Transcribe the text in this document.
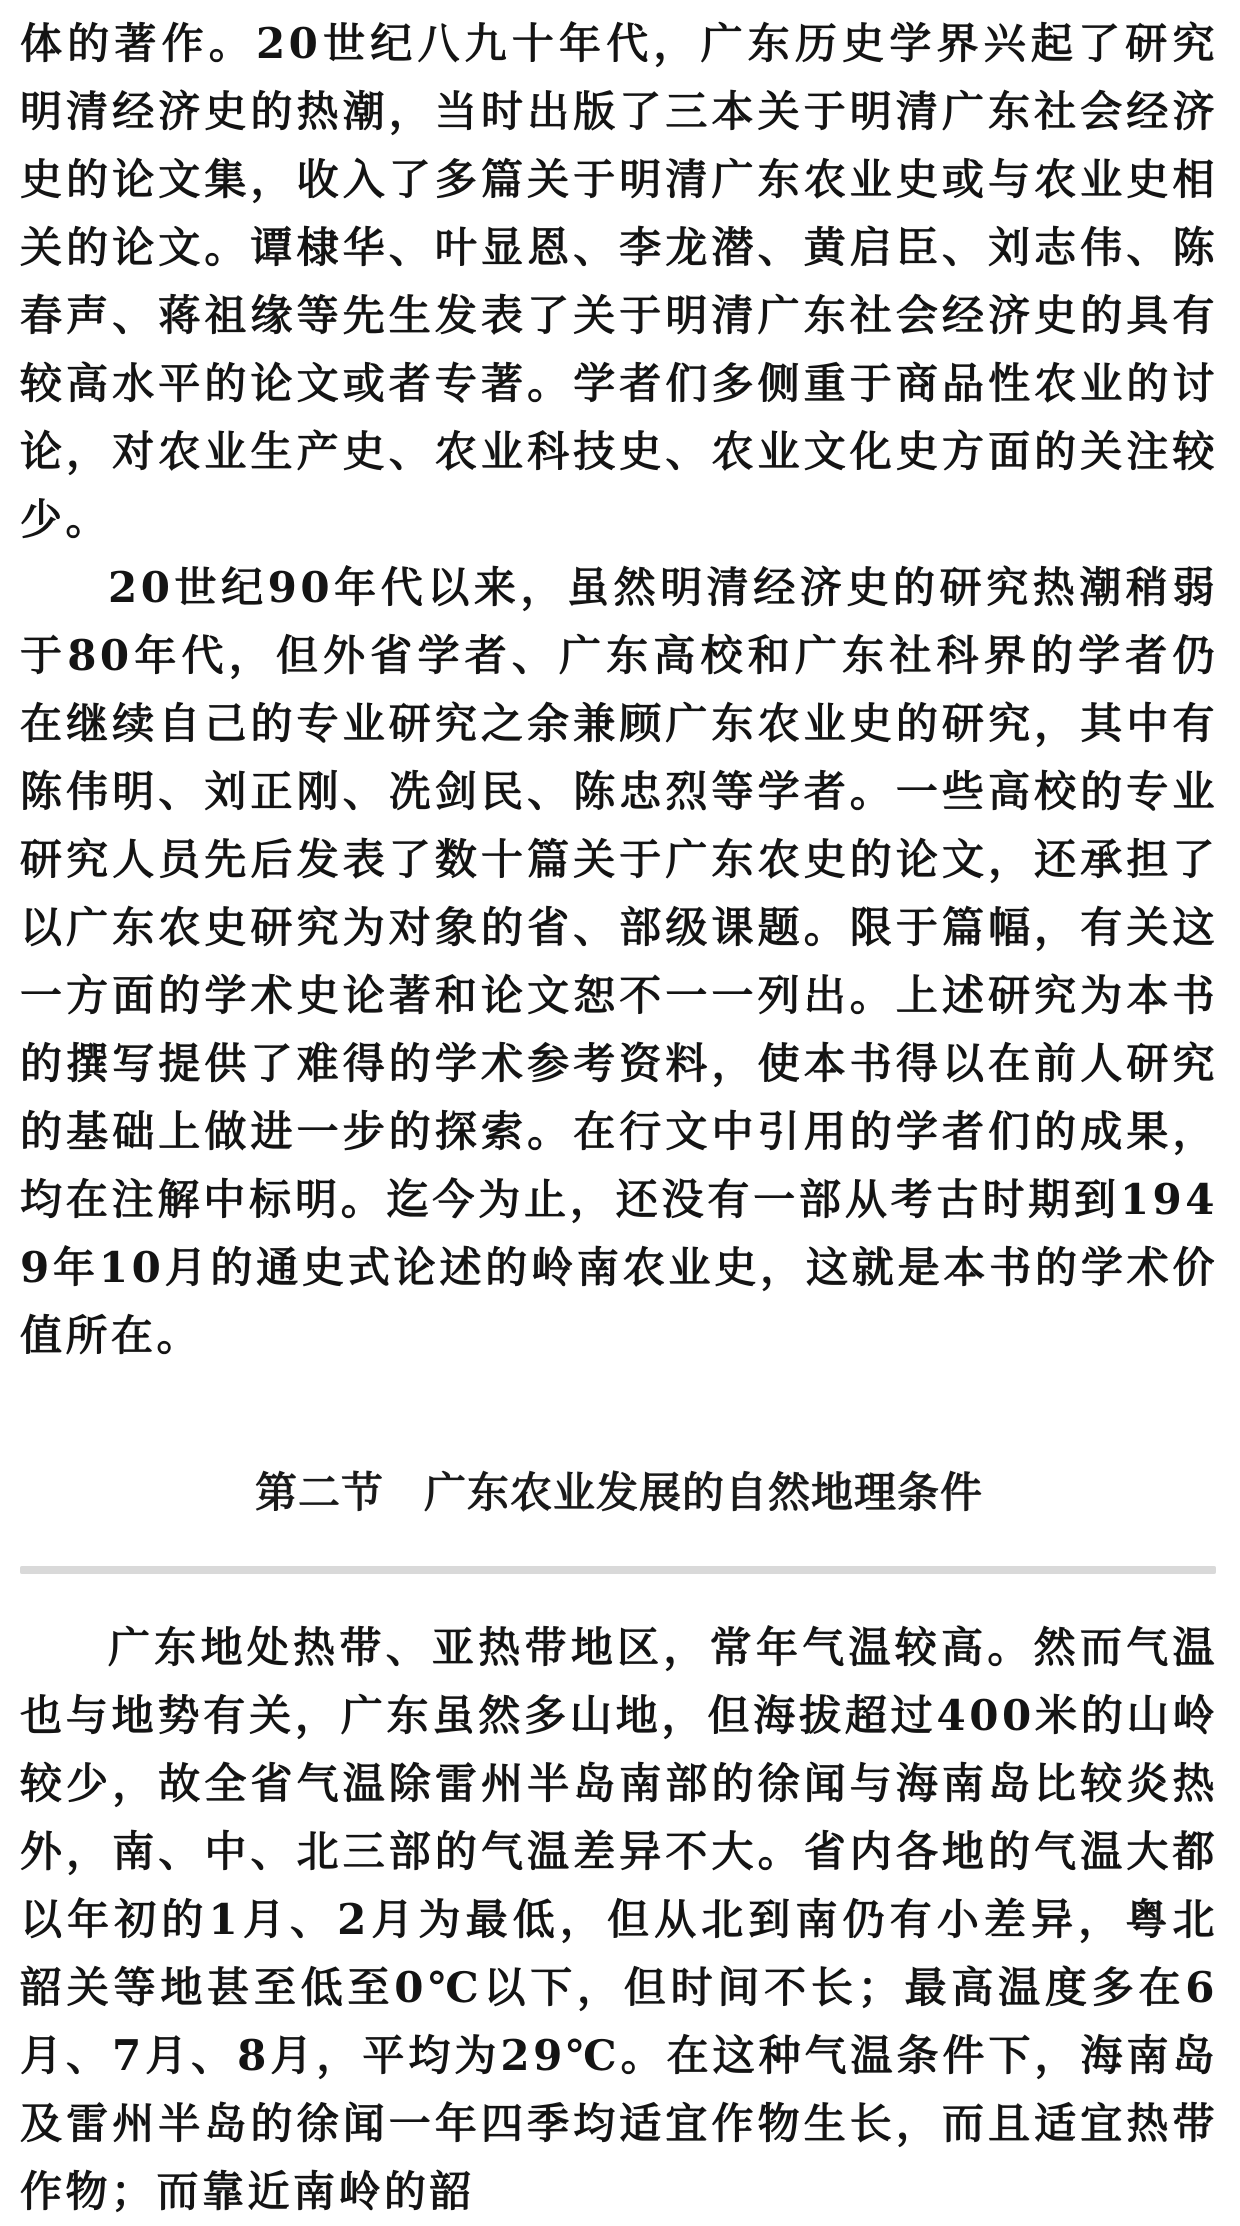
体的著作。20世纪八九十年代，广东历史学界兴起了研究明清经济史的热潮，当时出版了三本关于明清广东社会经济史的论文集，收入了多篇关于明清广东农业史或与农业史相关的论文。谭棣华、叶显恩、李龙潜、黄启臣、刘志伟、陈春声、蒋祖缘等先生发表了关于明清广东社会经济史的具有较高水平的论文或者专著。学者们多侧重于商品性农业的讨论，对农业生产史、农业科技史、农业文化史方面的关注较少。

20世纪90年代以来，虽然明清经济史的研究热潮稍弱于80年代，但外省学者、广东高校和广东社科界的学者仍在继续自己的专业研究之余兼顾广东农业史的研究，其中有陈伟明、刘正刚、冼剑民、陈忠烈等学者。一些高校的专业研究人员先后发表了数十篇关于广东农史的论文，还承担了以广东农史研究为对象的省、部级课题。限于篇幅，有关这一方面的学术史论著和论文恕不一一列出。上述研究为本书的撰写提供了难得的学术参考资料，使本书得以在前人研究的基础上做进一步的探索。在行文中引用的学者们的成果，均在注解中标明。迄今为止，还没有一部从考古时期到1949年10月的通史式论述的岭南农业史，这就是本书的学术价值所在。

第二节 广东农业发展的自然地理条件

广东地处热带、亚热带地区，常年气温较高。然而气温也与地势有关，广东虽然多山地，但海拔超过400米的山岭较少，故全省气温除雷州半岛南部的徐闻与海南岛比较炎热外，南、中、北三部的气温差异不大。省内各地的气温大都以年初的1月、2月为最低，但从北到南仍有小差异，粤北韶关等地甚至低至0℃以下，但时间不长；最高温度多在6月、7月、8月，平均为29℃。在这种气温条件下，海南岛及雷州半岛的徐闻一年四季均适宜作物生长，而且适宜热带作物；而靠近南岭的韶
